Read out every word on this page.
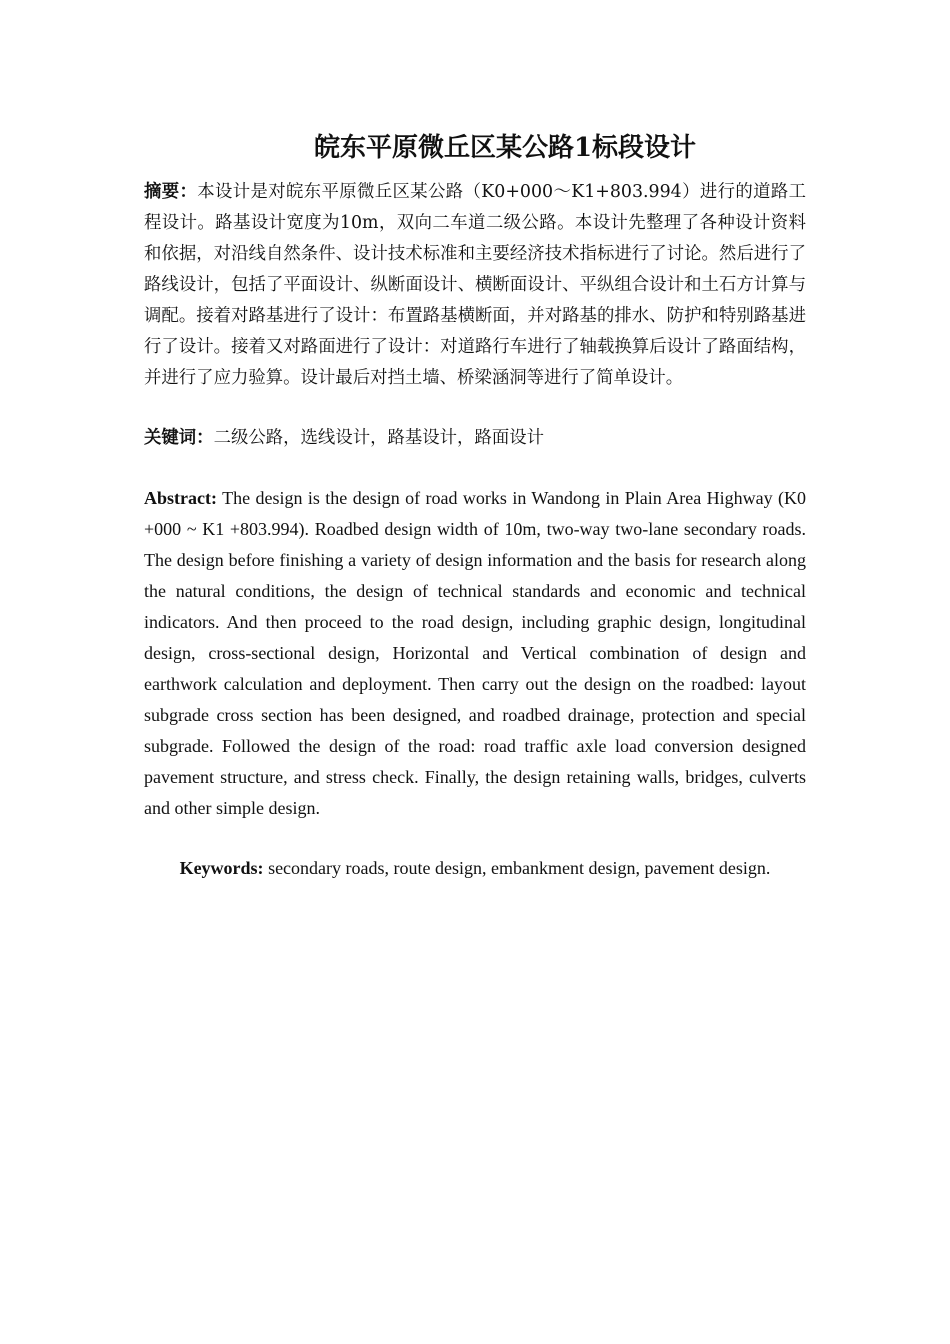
皖东平原微丘区某公路1标段设计

摘要：本设计是对皖东平原微丘区某公路（K0+000～K1+803.994）进行的道路工程设计。路基设计宽度为10m，双向二车道二级公路。本设计先整理了各种设计资料和依据，对沿线自然条件、设计技术标准和主要经济技术指标进行了讨论。然后进行了路线设计，包括了平面设计、纵断面设计、横断面设计、平纵组合设计和土石方计算与调配。接着对路基进行了设计：布置路基横断面，并对路基的排水、防护和特别路基进行了设计。接着又对路面进行了设计：对道路行车进行了轴载换算后设计了路面结构，并进行了应力验算。设计最后对挡土墙、桥梁涵洞等进行了简单设计。

关键词：二级公路，选线设计，路基设计，路面设计

Abstract: The design is the design of road works in Wandong in Plain Area Highway (K0 +000 ~ K1 +803.994). Roadbed design width of 10m, two-way two-lane secondary roads. The design before finishing a variety of design information and the basis for research along the natural conditions, the design of technical standards and economic and technical indicators. And then proceed to the road design, including graphic design, longitudinal design, cross-sectional design, Horizontal and Vertical combination of design and earthwork calculation and deployment. Then carry out the design on the roadbed: layout subgrade cross section has been designed, and roadbed drainage, protection and special subgrade. Followed the design of the road: road traffic axle load conversion designed pavement structure, and stress check. Finally, the design retaining walls, bridges, culverts and other simple design.

Keywords: secondary roads, route design, embankment design, pavement design.
